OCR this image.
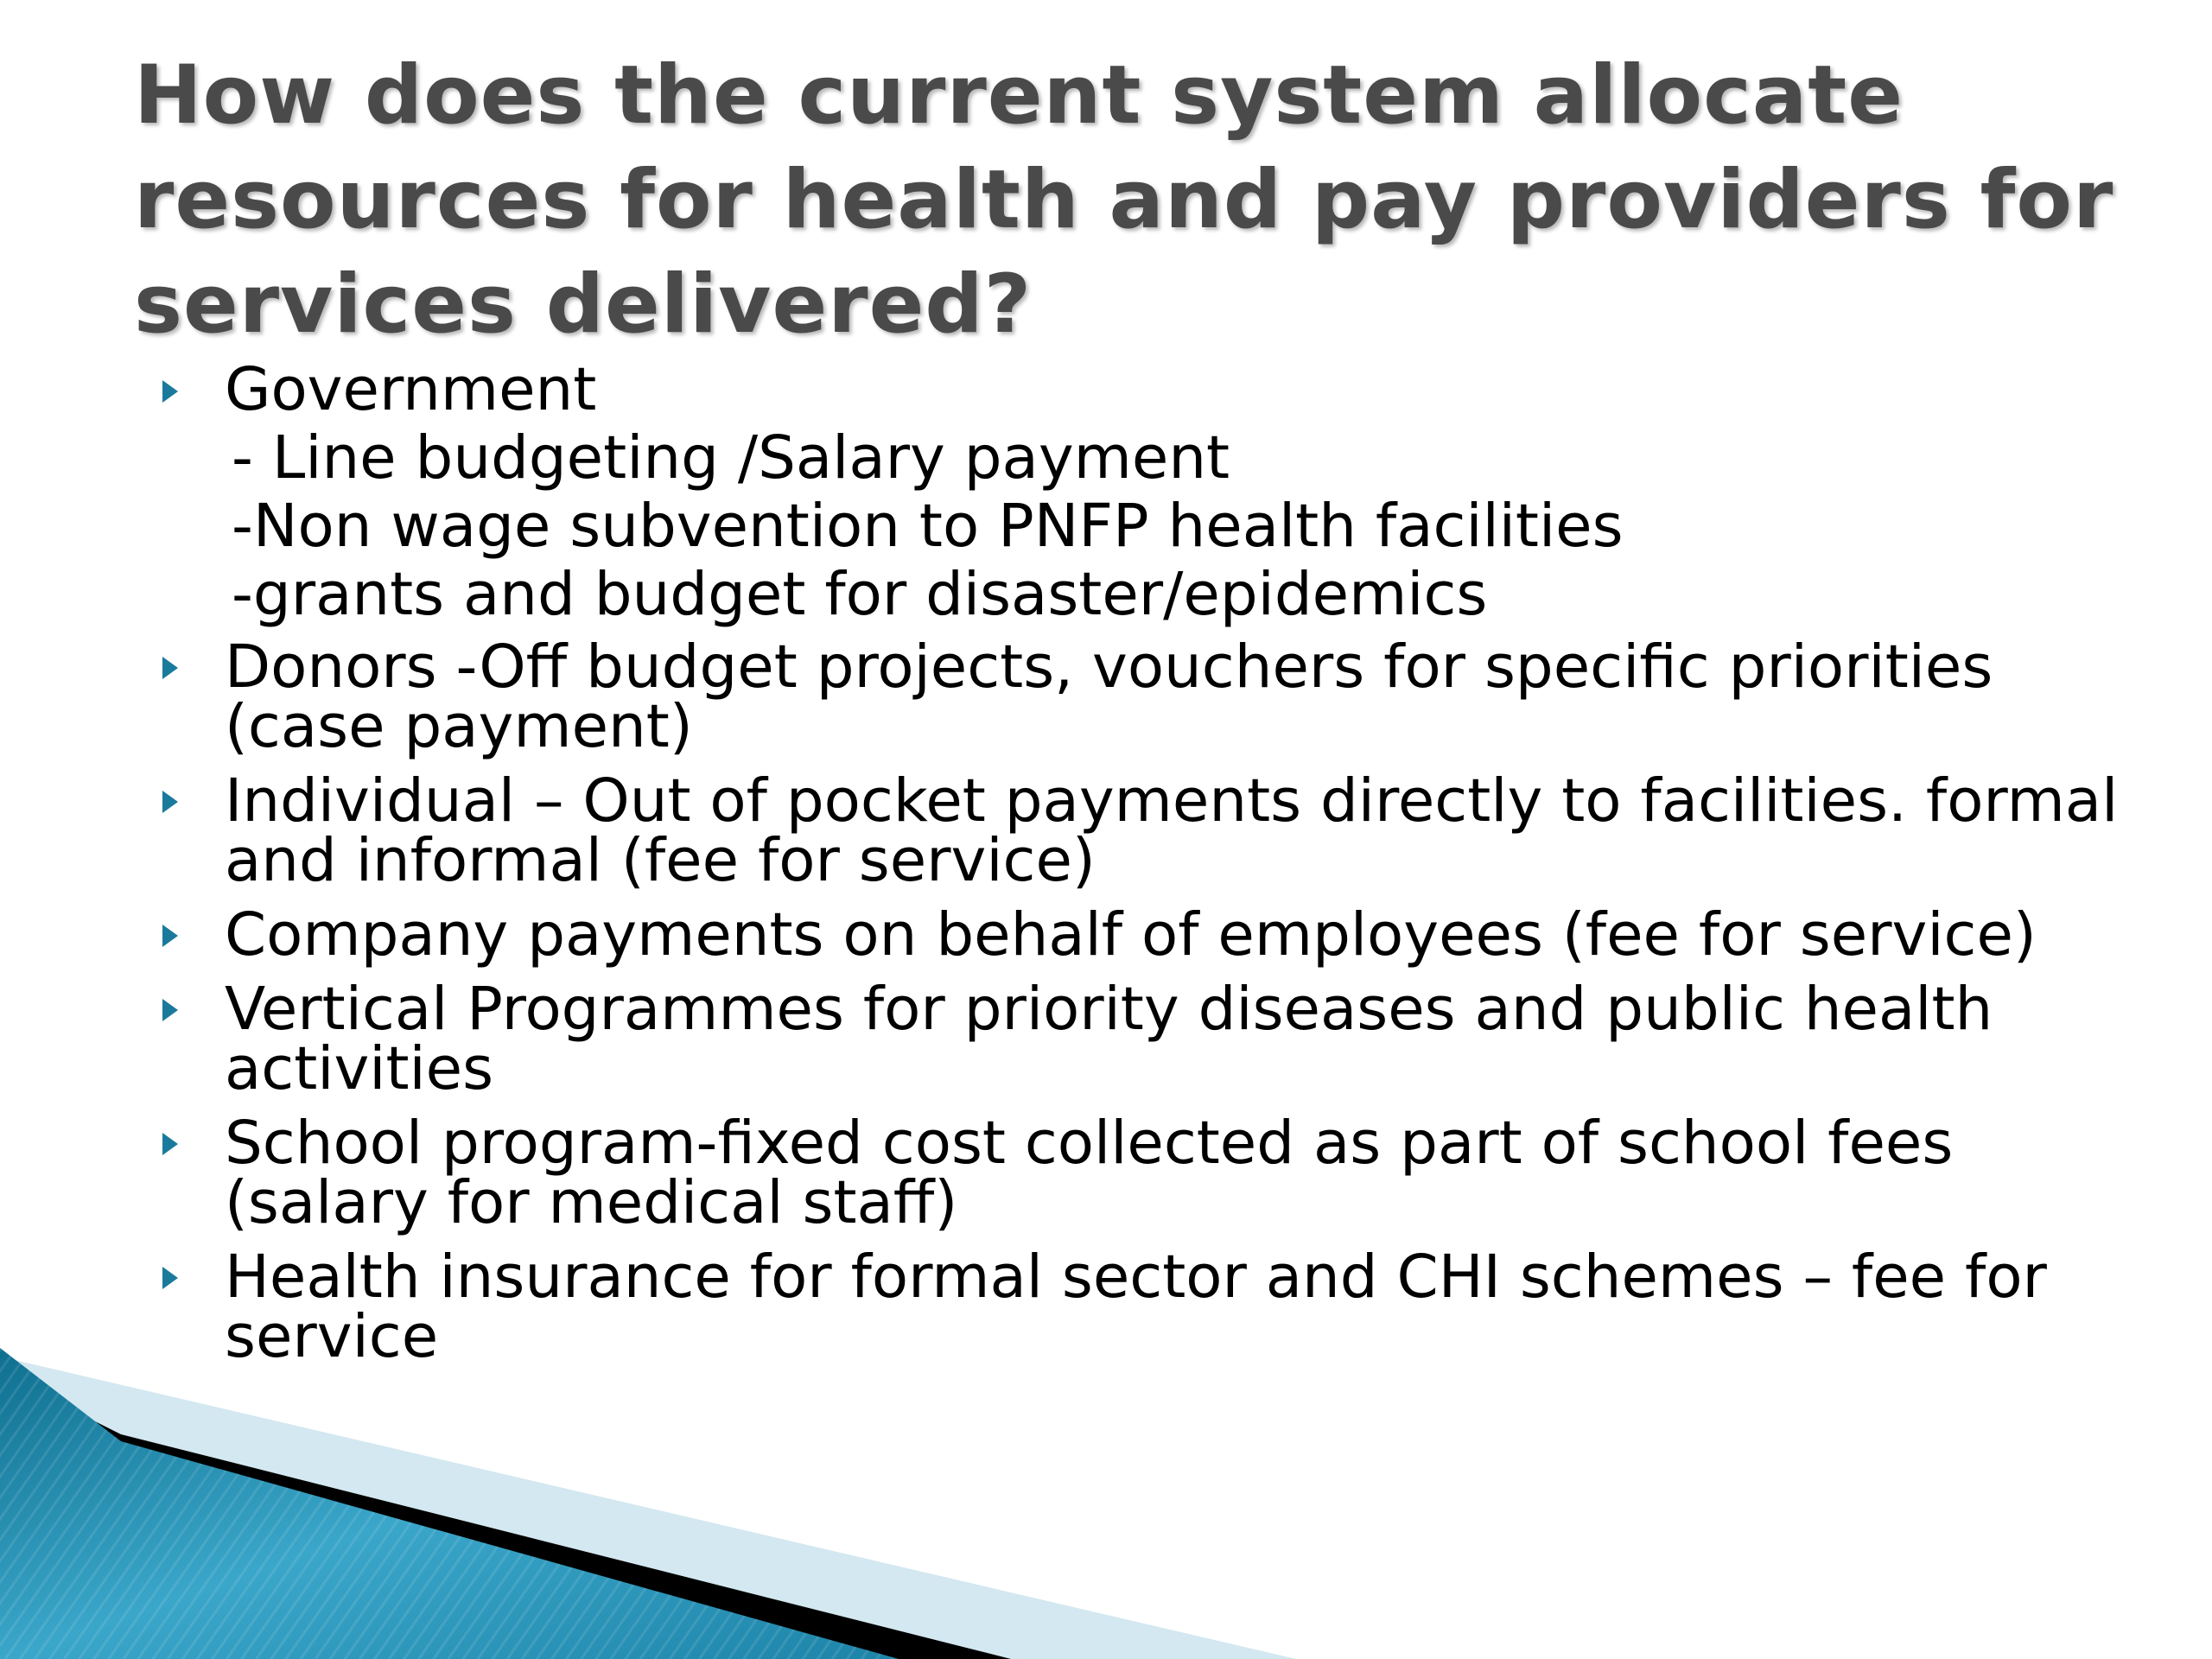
How does the current system allocate resources for health and pay providers for services delivered?
Government
- Line budgeting /Salary payment
-Non wage subvention to PNFP health facilities
-grants and budget for disaster/epidemics
Donors -Off budget projects, vouchers for specific priorities (case payment)
Individual – Out of pocket payments directly to facilities. formal and informal (fee for service)
Company payments on behalf of employees (fee for service)
Vertical Programmes for priority diseases and public health activities
School program-fixed cost collected as part of school fees (salary for medical staff)
Health insurance for formal sector and CHI schemes – fee for service
